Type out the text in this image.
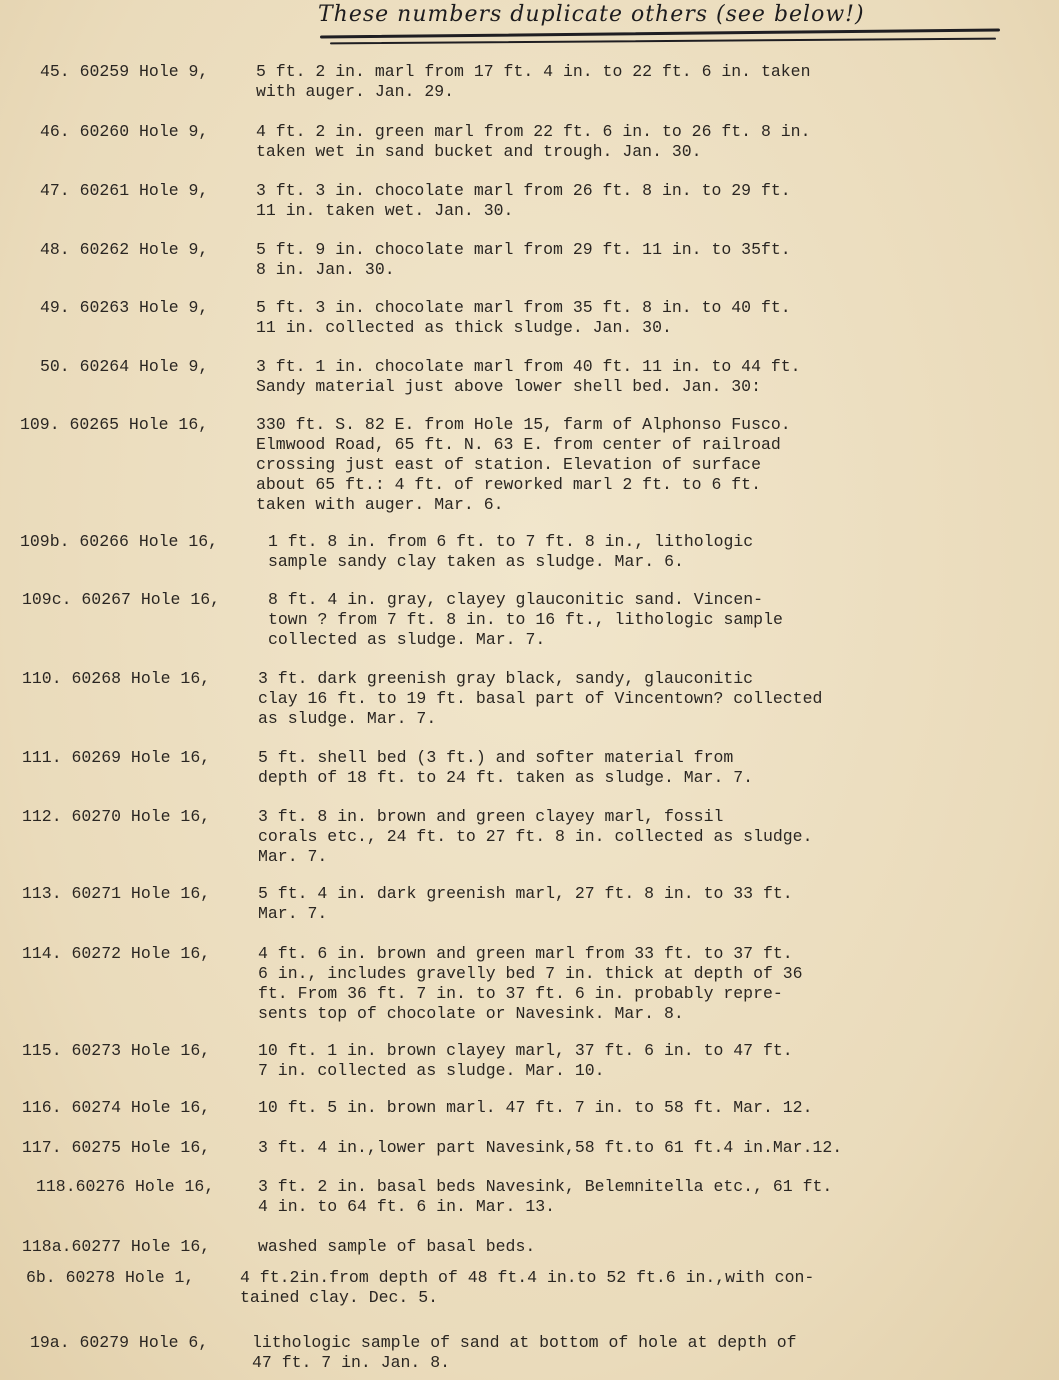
These numbers duplicate others (see below!)
45. 60259 Hole 9,	5 ft. 2 in. marl from 17 ft. 4 in. to 22 ft. 6 in. taken
with auger. Jan. 29.
46. 60260 Hole 9,	4 ft. 2 in. green marl from 22 ft. 6 in. to 26 ft. 8 in.
taken wet in sand bucket and trough. Jan. 30.
47. 60261 Hole 9,	3 ft. 3 in. chocolate marl from 26 ft. 8 in. to 29 ft.
11 in. taken wet. Jan. 30.
48. 60262 Hole 9,	5 ft. 9 in. chocolate marl from 29 ft. 11 in. to 35ft.
8 in. Jan. 30.
49. 60263 Hole 9,	5 ft. 3 in. chocolate marl from 35 ft. 8 in. to 40 ft.
11 in. collected as thick sludge. Jan. 30.
50. 60264 Hole 9,	3 ft. 1 in. chocolate marl from 40 ft. 11 in. to 44 ft.
Sandy material just above lower shell bed. Jan. 30:
109. 60265 Hole 16,	330 ft. S. 82 E. from Hole 15, farm of Alphonso Fusco.
Elmwood Road, 65 ft. N. 63 E. from center of railroad
crossing just east of station. Elevation of surface
about 65 ft.: 4 ft. of reworked marl 2 ft. to 6 ft.
taken with auger. Mar. 6.
109b. 60266 Hole 16,	1 ft. 8 in. from 6 ft. to 7 ft. 8 in., lithologic
sample sandy clay taken as sludge. Mar. 6.
109c. 60267 Hole 16,	8 ft. 4 in. gray, clayey glauconitic sand. Vincen-
town ? from 7 ft. 8 in. to 16 ft., lithologic sample
collected as sludge. Mar. 7.
110. 60268 Hole 16,	3 ft. dark greenish gray black, sandy, glauconitic
clay 16 ft. to 19 ft. basal part of Vincentown? collected
as sludge. Mar. 7.
111. 60269 Hole 16,	5 ft. shell bed (3 ft.) and softer material from
depth of 18 ft. to 24 ft. taken as sludge. Mar. 7.
112. 60270 Hole 16,	3 ft. 8 in. brown and green clayey marl, fossil
corals etc., 24 ft. to 27 ft. 8 in. collected as sludge.
Mar. 7.
113. 60271 Hole 16,	5 ft. 4 in. dark greenish marl, 27 ft. 8 in. to 33 ft.
Mar. 7.
114. 60272 Hole 16,	4 ft. 6 in. brown and green marl from 33 ft. to 37 ft.
6 in., includes gravelly bed 7 in. thick at depth of 36
ft. From 36 ft. 7 in. to 37 ft. 6 in. probably repre-
sents top of chocolate or Navesink. Mar. 8.
115. 60273 Hole 16,	10 ft. 1 in. brown clayey marl, 37 ft. 6 in. to 47 ft.
7 in. collected as sludge. Mar. 10.
116. 60274 Hole 16,	10 ft. 5 in. brown marl. 47 ft. 7 in. to 58 ft. Mar. 12.
117. 60275 Hole 16,	3 ft. 4 in.,lower part Navesink,58 ft.to 61 ft.4 in.Mar.12.
118.60276 Hole 16,	3 ft. 2 in. basal beds Navesink, Belemnitella etc., 61 ft.
4 in. to 64 ft. 6 in. Mar. 13.
118a.60277 Hole 16,	washed sample of basal beds.
6b. 60278 Hole 1,	4 ft.2in.from depth of 48 ft.4 in.to 52 ft.6 in.,with con-
tained clay. Dec. 5.
19a. 60279 Hole 6,	lithologic sample of sand at bottom of hole at depth of
47 ft. 7 in. Jan. 8.
